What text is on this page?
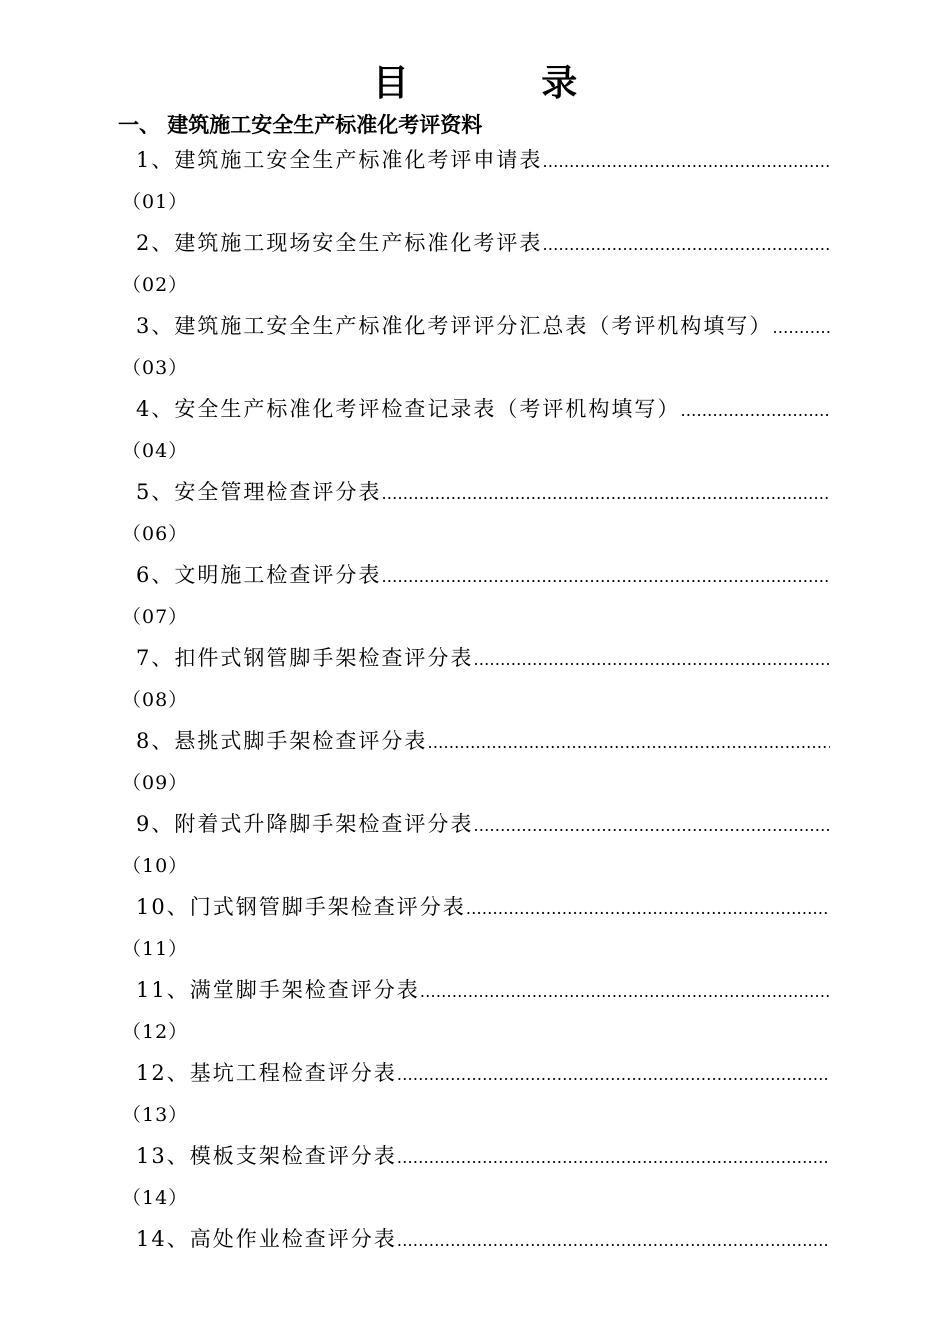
目 录
一、 建筑施工安全生产标准化考评资料
1、建筑施工安全生产标准化考评申请表
……………………………………………………………………………………………………………………
（01）
2、建筑施工现场安全生产标准化考评表
……………………………………………………………………………………………………………………
（02）
3、建筑施工安全生产标准化考评评分汇总表（考评机构填写）
……………………………………………………………………………………………………………………
（03）
4、安全生产标准化考评检查记录表（考评机构填写）
……………………………………………………………………………………………………………………
（04）
5、安全管理检查评分表
……………………………………………………………………………………………………………………
（06）
6、文明施工检查评分表
……………………………………………………………………………………………………………………
（07）
7、扣件式钢管脚手架检查评分表
……………………………………………………………………………………………………………………
（08）
8、悬挑式脚手架检查评分表
……………………………………………………………………………………………………………………
（09）
9、附着式升降脚手架检查评分表
……………………………………………………………………………………………………………………
（10）
10、门式钢管脚手架检查评分表
……………………………………………………………………………………………………………………
（11）
11、满堂脚手架检查评分表
……………………………………………………………………………………………………………………
（12）
12、基坑工程检查评分表
……………………………………………………………………………………………………………………
（13）
13、模板支架检查评分表
……………………………………………………………………………………………………………………
（14）
14、高处作业检查评分表
……………………………………………………………………………………………………………………
